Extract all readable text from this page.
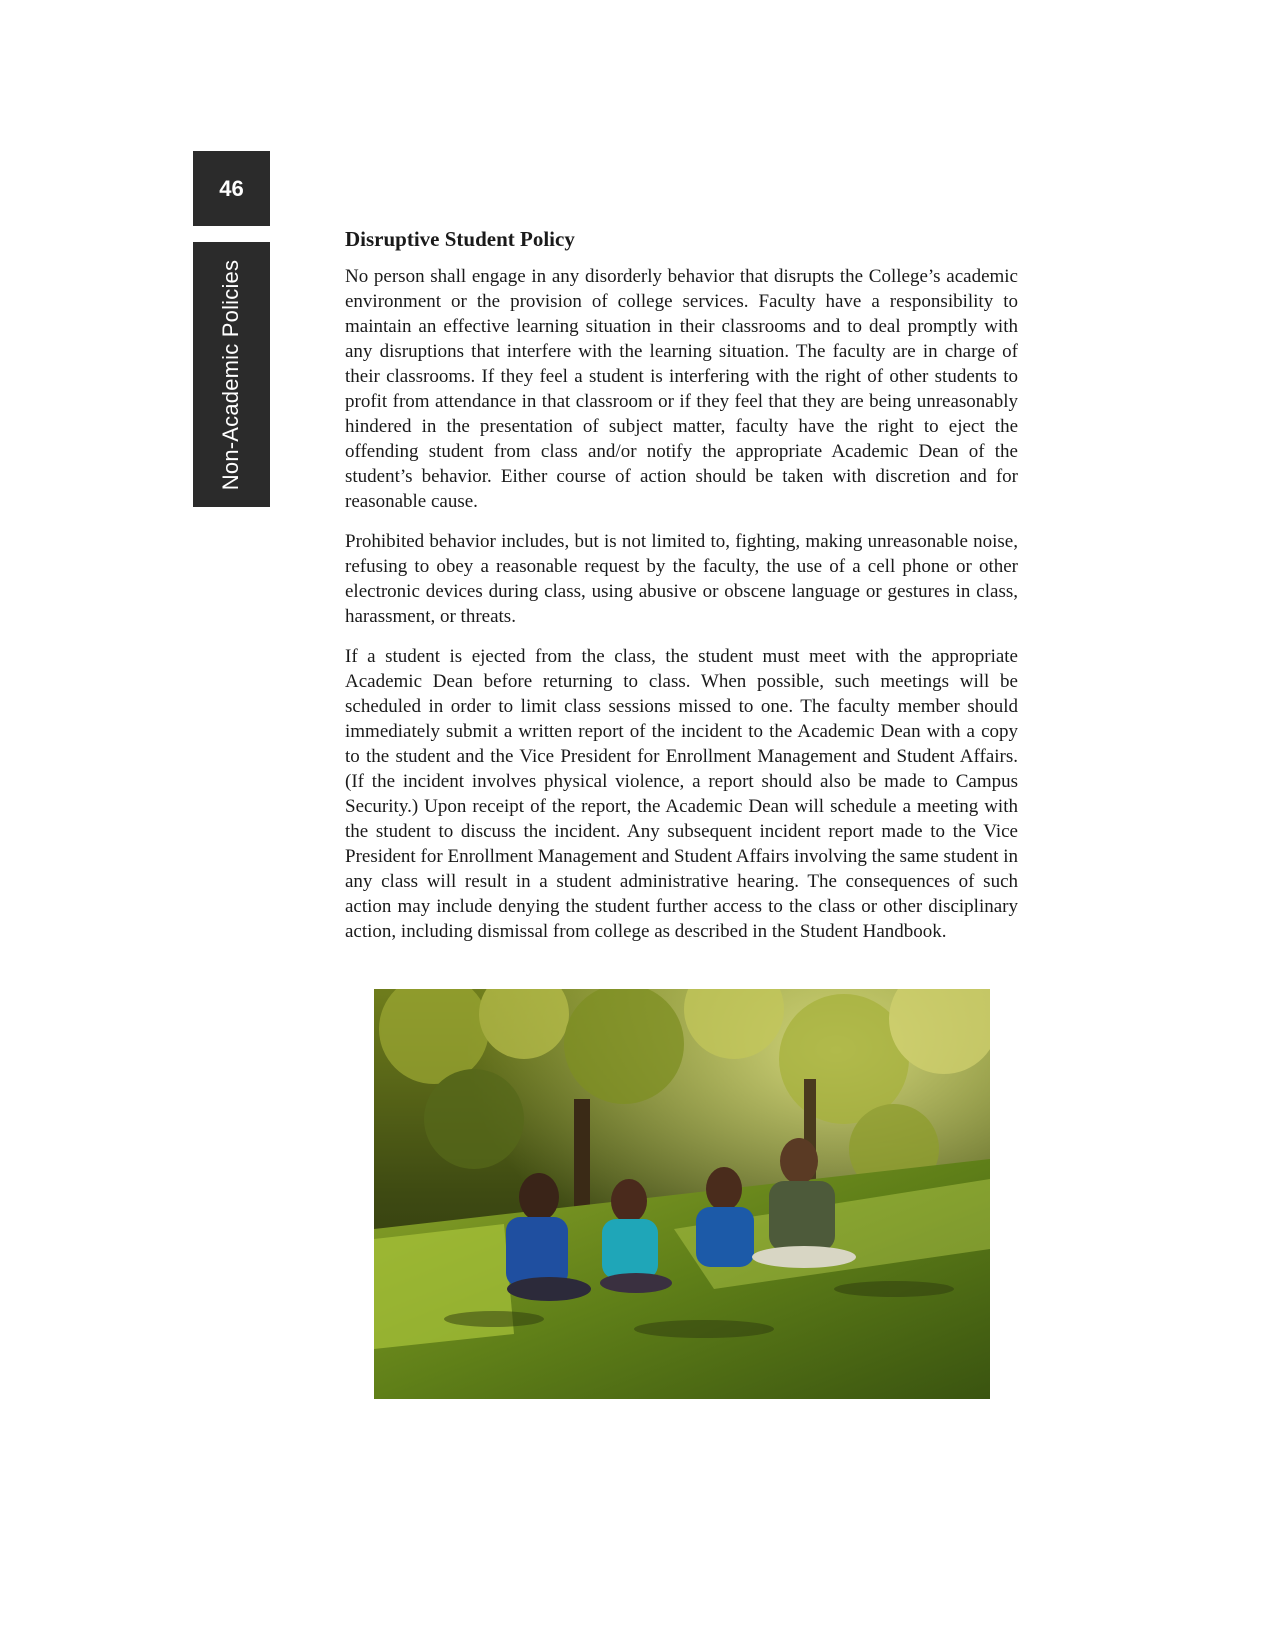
46
Non-Academic Policies
Disruptive Student Policy

No person shall engage in any disorderly behavior that disrupts the College’s academic environment or the provision of college services. Faculty have a responsibility to maintain an effective learning situation in their classrooms and to deal promptly with any disruptions that interfere with the learning situation. The faculty are in charge of their classrooms. If they feel a student is interfering with the right of other students to profit from attendance in that classroom or if they feel that they are being unreasonably hindered in the presentation of subject matter, faculty have the right to eject the offending student from class and/or notify the appropriate Academic Dean of the student’s behavior. Either course of action should be taken with discretion and for reasonable cause.

Prohibited behavior includes, but is not limited to, fighting, making unreasonable noise, refusing to obey a reasonable request by the faculty, the use of a cell phone or other electronic devices during class, using abusive or obscene language or gestures in class, harassment, or threats.

If a student is ejected from the class, the student must meet with the appropriate Academic Dean before returning to class. When possible, such meetings will be scheduled in order to limit class sessions missed to one. The faculty member should immediately submit a written report of the incident to the Academic Dean with a copy to the student and the Vice President for Enrollment Management and Student Affairs. (If the incident involves physical violence, a report should also be made to Campus Security.) Upon receipt of the report, the Academic Dean will schedule a meeting with the student to discuss the incident. Any subsequent incident report made to the Vice President for Enrollment Management and Student Affairs involving the same student in any class will result in a student administrative hearing. The consequences of such action may include denying the student further access to the class or other disciplinary action, including dismissal from college as described in the Student Handbook.
